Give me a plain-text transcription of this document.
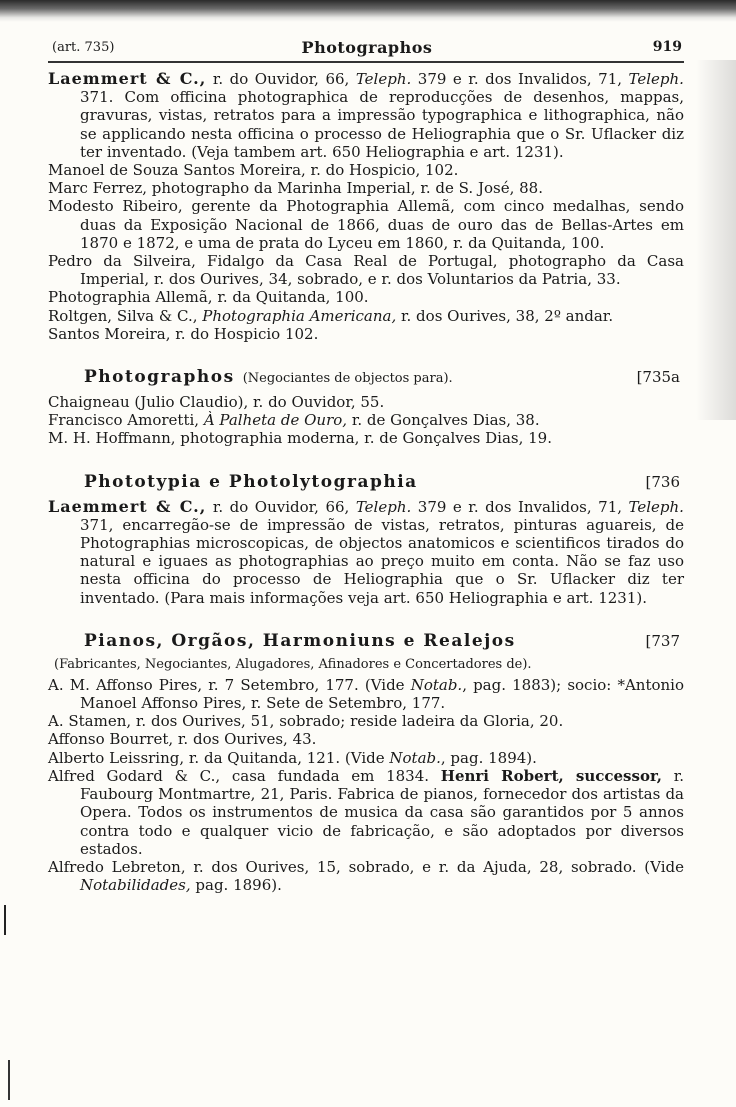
(art. 735)	Photographos	919

Laemmert & C., r. do Ouvidor, 66, Teleph. 379 e r. dos Invalidos, 71, Teleph. 371. Com officina photographica de reproducções de desenhos, mappas, gravuras, vistas, retratos para a impressão typographica e lithographica, não se applicando nesta officina o processo de Heliographia que o Sr. Uflacker diz ter inventado. (Veja tambem art. 650 Heliographia e art. 1231).

Manoel de Souza Santos Moreira, r. do Hospicio, 102.

Marc Ferrez, photographo da Marinha Imperial, r. de S. José, 88.

Modesto Ribeiro, gerente da Photographia Allemã, com cinco medalhas, sendo duas da Exposição Nacional de 1866, duas de ouro das de Bellas-Artes em 1870 e 1872, e uma de prata do Lyceu em 1860, r. da Quitanda, 100.

Pedro da Silveira, Fidalgo da Casa Real de Portugal, photographo da Casa Imperial, r. dos Ourives, 34, sobrado, e r. dos Voluntarios da Patria, 33.

Photographia Allemã, r. da Quitanda, 100.

Roltgen, Silva & C., Photographia Americana, r. dos Ourives, 38, 2º andar.

Santos Moreira, r. do Hospicio 102.

Photographos (Negociantes de objectos para).	[735a

Chaigneau (Julio Claudio), r. do Ouvidor, 55.

Francisco Amoretti, À Palheta de Ouro, r. de Gonçalves Dias, 38.

M. H. Hoffmann, photographia moderna, r. de Gonçalves Dias, 19.

Phototypia e Photolytographia	[736

Laemmert & C., r. do Ouvidor, 66, Teleph. 379 e r. dos Invalidos, 71, Teleph. 371, encarregão-se de impressão de vistas, retratos, pinturas aguareis, de Photographias microscopicas, de objectos anatomicos e scientificos tirados do natural e iguaes as photographias ao preço muito em conta. Não se faz uso nesta officina do processo de Heliographia que o Sr. Uflacker diz ter inventado. (Para mais informações veja art. 650 Heliographia e art. 1231).

Pianos, Orgãos, Harmoniuns e Realejos	[737

(Fabricantes, Negociantes, Alugadores, Afinadores e Concertadores de).

A. M. Affonso Pires, r. 7 Setembro, 177. (Vide Notab., pag. 1883); socio: *Antonio Manoel Affonso Pires, r. Sete de Setembro, 177.

A. Stamen, r. dos Ourives, 51, sobrado; reside ladeira da Gloria, 20.

Affonso Bourret, r. dos Ourives, 43.

Alberto Leissring, r. da Quitanda, 121. (Vide Notab., pag. 1894).

Alfred Godard & C., casa fundada em 1834. Henri Robert, successor, r. Faubourg Montmartre, 21, Paris. Fabrica de pianos, fornecedor dos artistas da Opera. Todos os instrumentos de musica da casa são garantidos por 5 annos contra todo e qualquer vicio de fabricação, e são adoptados por diversos estados.

Alfredo Lebreton, r. dos Ourives, 15, sobrado, e r. da Ajuda, 28, sobrado. (Vide Notabilidades, pag. 1896).
